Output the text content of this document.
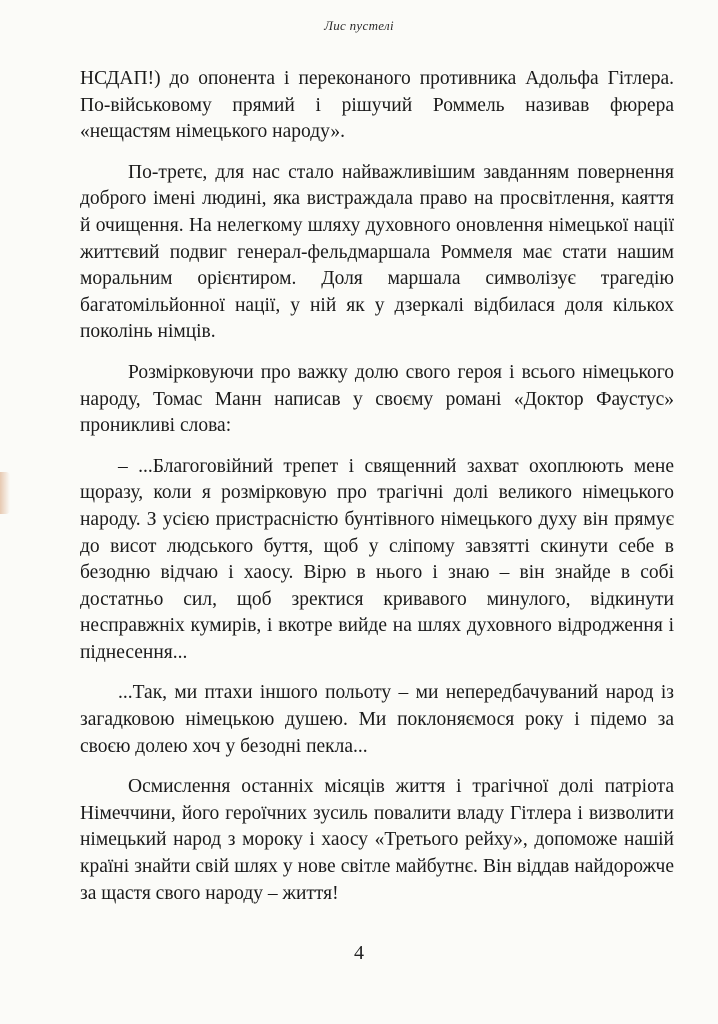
Лис пустелі

НСДАП!) до опонента і переконаного противника Адольфа Гітлера. По-військовому прямий і рішучий Роммель називав фюрера «нещастям німецького народу».

По-третє, для нас стало найважливішим завданням повернення доброго імені людині, яка вистраждала право на просвітлення, каяття й очищення. На нелегкому шляху духовного оновлення німецької нації життєвий подвиг генерал-фельдмаршала Роммеля має стати нашим моральним орієнтиром. Доля маршала символізує трагедію багатомільйонної нації, у ній як у дзеркалі відбилася доля кількох поколінь німців.

Розмірковуючи про важку долю свого героя і всього німецького народу, Томас Манн написав у своєму романі «Доктор Фаустус» проникливі слова:

– ...Благоговійний трепет і священний захват охоплюють мене щоразу, коли я розмірковую про трагічні долі великого німецького народу. З усією пристрасністю бунтівного німецького духу він прямує до висот людського буття, щоб у сліпому завзятті скинути себе в безодню відчаю і хаосу. Вірю в нього і знаю – він знайде в собі достатньо сил, щоб зректися кривавого минулого, відкинути несправжніх кумирів, і вкотре вийде на шлях духовного відродження і піднесення...

...Так, ми птахи іншого польоту – ми непередбачуваний народ із загадковою німецькою душею. Ми поклоняємося року і підемо за своєю долею хоч у безодні пекла...

Осмислення останніх місяців життя і трагічної долі патріота Німеччини, його героїчних зусиль повалити владу Гітлера і визволити німецький народ з мороку і хаосу «Третього рейху», допоможе нашій країні знайти свій шлях у нове світле майбутнє. Він віддав найдорожче за щастя свого народу – життя!

4
